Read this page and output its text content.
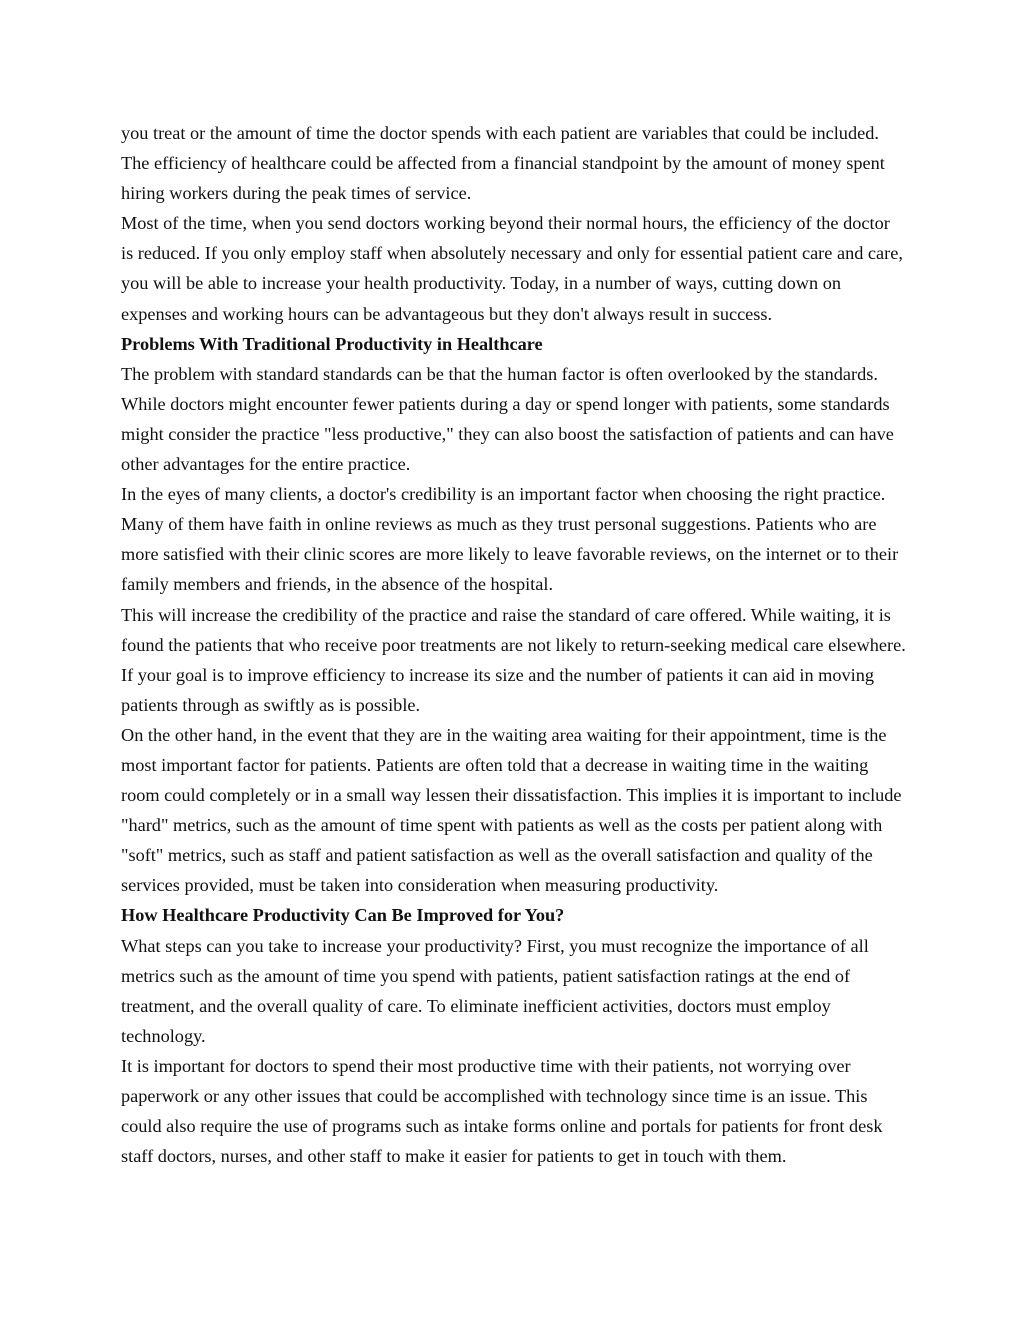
you treat or the amount of time the doctor spends with each patient are variables that could be included. The efficiency of healthcare could be affected from a financial standpoint by the amount of money spent hiring workers during the peak times of service.

Most of the time, when you send doctors working beyond their normal hours, the efficiency of the doctor is reduced. If you only employ staff when absolutely necessary and only for essential patient care and care, you will be able to increase your health productivity. Today, in a number of ways, cutting down on expenses and working hours can be advantageous but they don't always result in success.

Problems With Traditional Productivity in Healthcare

The problem with standard standards can be that the human factor is often overlooked by the standards. While doctors might encounter fewer patients during a day or spend longer with patients, some standards might consider the practice "less productive," they can also boost the satisfaction of patients and can have other advantages for the entire practice.

In the eyes of many clients, a doctor's credibility is an important factor when choosing the right practice. Many of them have faith in online reviews as much as they trust personal suggestions. Patients who are more satisfied with their clinic scores are more likely to leave favorable reviews, on the internet or to their family members and friends, in the absence of the hospital.

This will increase the credibility of the practice and raise the standard of care offered. While waiting, it is found the patients that who receive poor treatments are not likely to return-seeking medical care elsewhere. If your goal is to improve efficiency to increase its size and the number of patients it can aid in moving patients through as swiftly as is possible.

On the other hand, in the event that they are in the waiting area waiting for their appointment, time is the most important factor for patients. Patients are often told that a decrease in waiting time in the waiting room could completely or in a small way lessen their dissatisfaction. This implies it is important to include "hard" metrics, such as the amount of time spent with patients as well as the costs per patient along with "soft" metrics, such as staff and patient satisfaction as well as the overall satisfaction and quality of the services provided, must be taken into consideration when measuring productivity.

How Healthcare Productivity Can Be Improved for You?

What steps can you take to increase your productivity? First, you must recognize the importance of all metrics such as the amount of time you spend with patients, patient satisfaction ratings at the end of treatment, and the overall quality of care. To eliminate inefficient activities, doctors must employ technology.

It is important for doctors to spend their most productive time with their patients, not worrying over paperwork or any other issues that could be accomplished with technology since time is an issue. This could also require the use of programs such as intake forms online and portals for patients for front desk staff doctors, nurses, and other staff to make it easier for patients to get in touch with them.
